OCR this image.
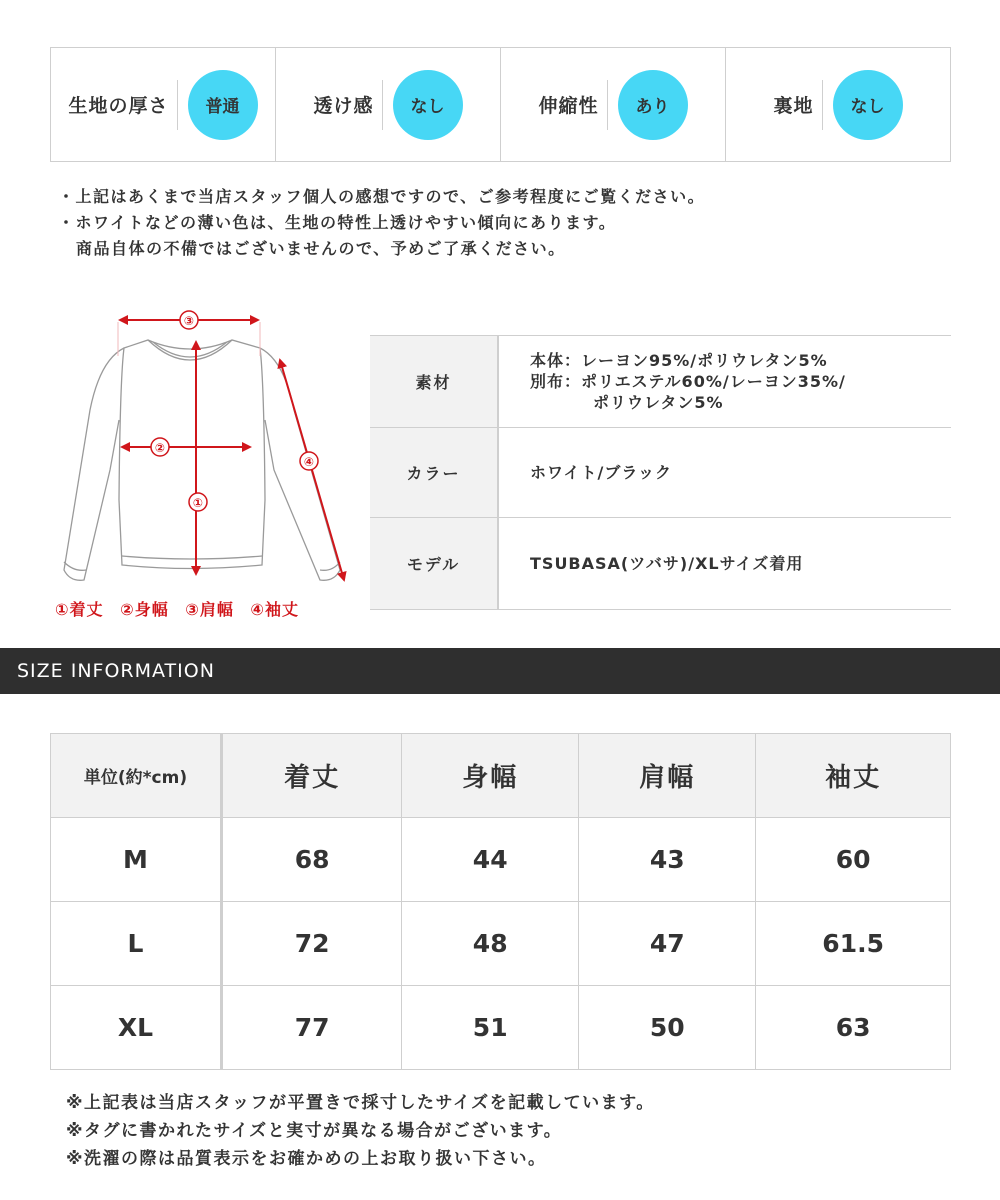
生地の厚さ	普通	透け感	なし	伸縮性	あり	裏地	なし
・上記はあくまで当店スタッフ個人の感想ですので、ご参考程度にご覧ください。
・ホワイトなどの薄い色は、生地の特性上透けやすい傾向にあります。
商品自体の不備ではございませんので、予めご了承ください。
③
②
①
④
①着丈 ②身幅 ③肩幅 ④袖丈
素材	本体：レーヨン95%/ポリウレタン5%
別布：ポリエステル60%/レーヨン35%/
ポリウレタン5%

カラー	ホワイト/ブラック
モデル	TSUBASA(ツバサ)/XLサイズ着用
SIZE INFORMATION
単位(約*cm)	着丈	身幅	肩幅	袖丈
M	68	44	43	60
L	72	48	47	61.5
XL	77	51	50	63
※上記表は当店スタッフが平置きで採寸したサイズを記載しています。
※タグに書かれたサイズと実寸が異なる場合がございます。
※洗濯の際は品質表示をお確かめの上お取り扱い下さい。
